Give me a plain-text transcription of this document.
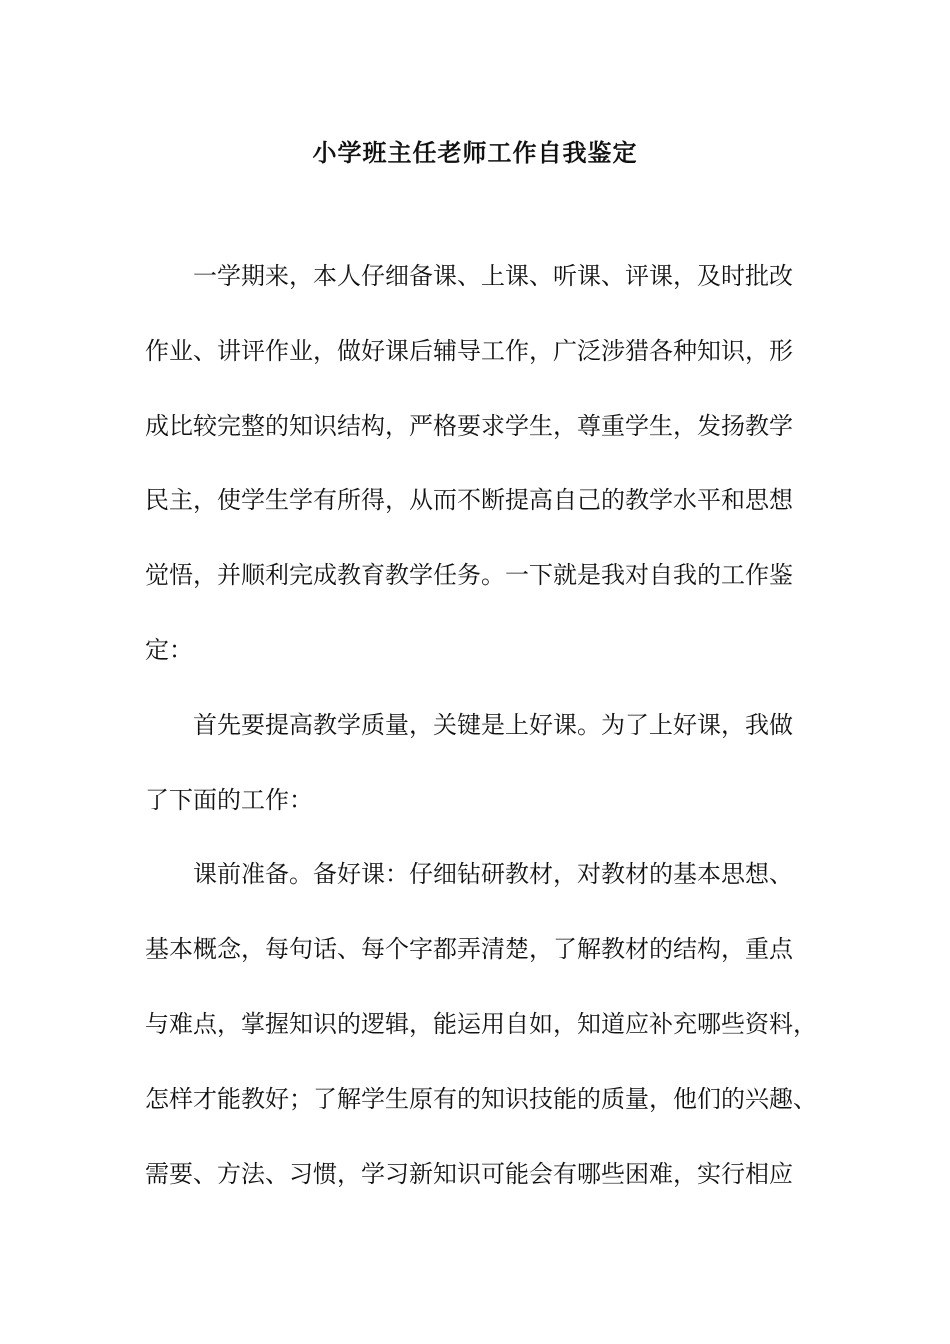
小学班主任老师工作自我鉴定
一学期来，本人仔细备课、上课、听课、评课，及时批改
作业、讲评作业，做好课后辅导工作，广泛涉猎各种知识，形
成比较完整的知识结构，严格要求学生，尊重学生，发扬教学
民主，使学生学有所得，从而不断提高自己的教学水平和思想
觉悟，并顺利完成教育教学任务。一下就是我对自我的工作鉴
定：
首先要提高教学质量，关键是上好课。为了上好课，我做
了下面的工作：
课前准备。备好课：仔细钻研教材，对教材的基本思想、
基本概念，每句话、每个字都弄清楚，了解教材的结构，重点
与难点，掌握知识的逻辑，能运用自如，知道应补充哪些资料，
怎样才能教好；了解学生原有的知识技能的质量，他们的兴趣、
需要、方法、习惯，学习新知识可能会有哪些困难，实行相应
